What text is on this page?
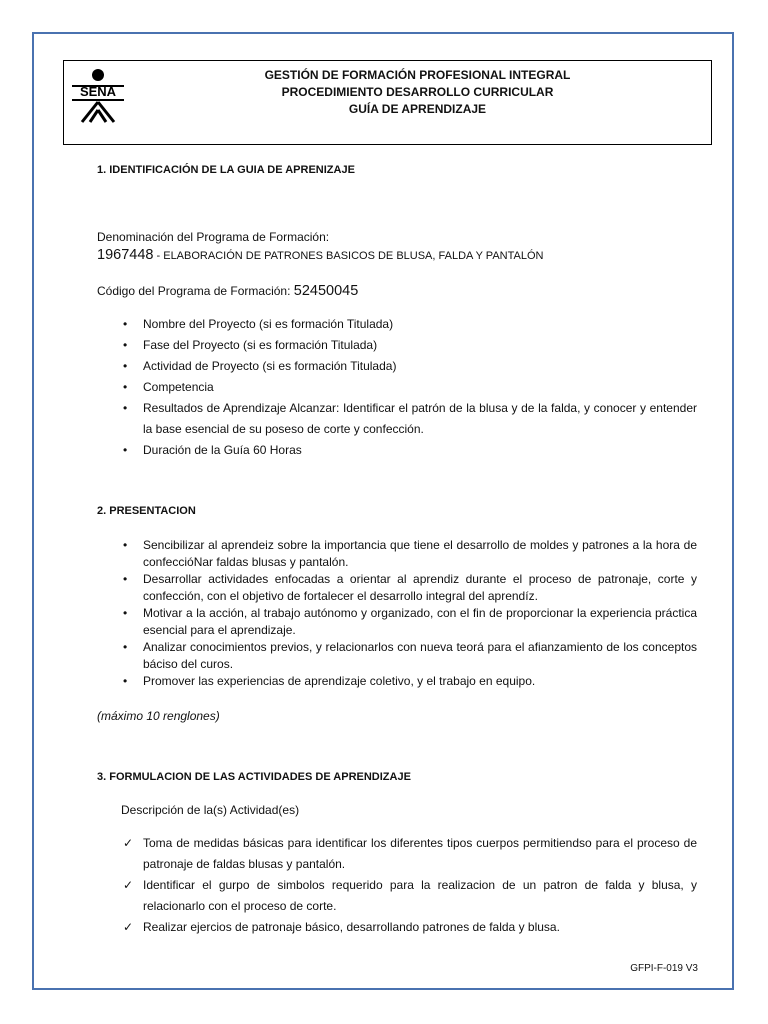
SENA
GESTIÓN DE FORMACIÓN PROFESIONAL INTEGRAL
PROCEDIMIENTO DESARROLLO CURRICULAR
GUÍA DE APRENDIZAJE
1. IDENTIFICACIÓN DE LA GUIA DE APRENIZAJE
Denominación del Programa de Formación:
1967448 - ELABORACIÓN DE PATRONES BASICOS DE BLUSA, FALDA Y PANTALÓN
Código del Programa de Formación: 52450045
• Nombre del Proyecto (si es formación Titulada)
• Fase del Proyecto (si es formación Titulada)
• Actividad de Proyecto (si es formación Titulada)
• Competencia
• Resultados de Aprendizaje Alcanzar: Identificar el patrón de la blusa y de la falda, y conocer y entender la base esencial de su poseso de corte y confección.
• Duración de la Guía 60 Horas
2. PRESENTACION
• Sencibilizar al aprendeiz sobre la importancia que tiene el desarrollo de moldes y patrones a la hora de confeccióNar faldas blusas y pantalón.
• Desarrollar actividades enfocadas a orientar al aprendiz durante el proceso de patronaje, corte y confección, con el objetivo de fortalecer el desarrollo integral del aprendíz.
• Motivar a la acción, al trabajo autónomo y organizado, con el fin de proporcionar la experiencia práctica esencial para el aprendizaje.
• Analizar conocimientos previos, y relacionarlos con nueva teorá para el afianzamiento de los conceptos báciso del curos.
• Promover las experiencias de aprendizaje coletivo, y el trabajo en equipo.
(máximo 10 renglones)
3. FORMULACION DE LAS ACTIVIDADES DE APRENDIZAJE
Descripción de la(s) Actividad(es)
✓ Toma de medidas básicas para identificar los diferentes tipos cuerpos permitiendso para el proceso de patronaje de faldas blusas y pantalón.
✓ Identificar el gurpo de simbolos requerido para la realizacion de un patron de falda y blusa, y relacionarlo con el proceso de corte.
✓ Realizar ejercios de patronaje básico, desarrollando patrones de falda y blusa.
GFPI-F-019 V3
